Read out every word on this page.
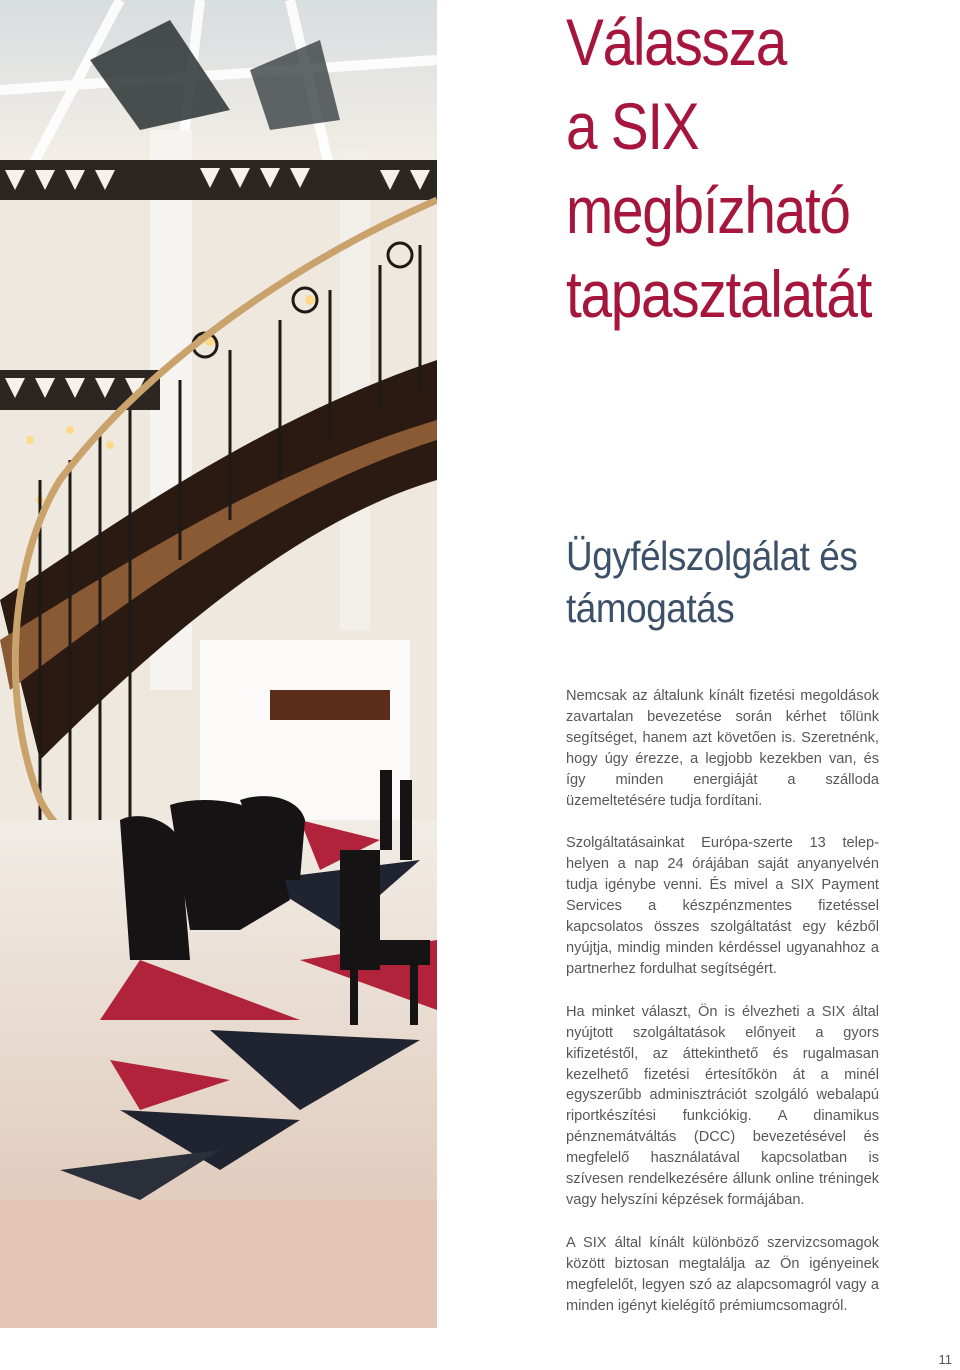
Válassza
a SIX
megbízható
tapasztalatát
Ügyfélszolgálat és
támogatás

Nemcsak az általunk kínált fizetési megoldások zavartalan bevezetése során kérhet tőlünk segítséget, hanem azt követően is. Szeretnénk, hogy úgy érezze, a legjobb kezekben van, és így minden energiáját a szálloda üzemeltetésére tudja fordítani.

Szolgáltatásainkat Európa-szerte 13 telephelyen a nap 24 órájában saját anyanyelvén tudja igénybe venni. És mivel a SIX Payment Services a készpénzmentes fizetéssel kapcsolatos összes szolgáltatást egy kézből nyújtja, mindig minden kérdéssel ugyanahhoz a partnerhez fordulhat segítségért.

Ha minket választ, Ön is élvezheti a SIX által nyújtott szolgáltatások előnyeit a gyors kifizetéstől, az áttekinthető és rugalmasan kezelhető fizetési értesítőkön át a minél egyszerűbb adminisztrációt szolgáló webalapú riportkészítési funkciókig. A dinamikus pénznemátváltás (DCC) bevezetésével és megfelelő használatával kapcsolatban is szívesen rendelkezésére állunk online tréningek vagy helyszíni képzések formájában.

A SIX által kínált különböző szervizcsomagok között biztosan megtalálja az Ön igényeinek megfelelőt, legyen szó az alapcsomagról vagy a minden igényt kielégítő prémiumcsomagról.

11
